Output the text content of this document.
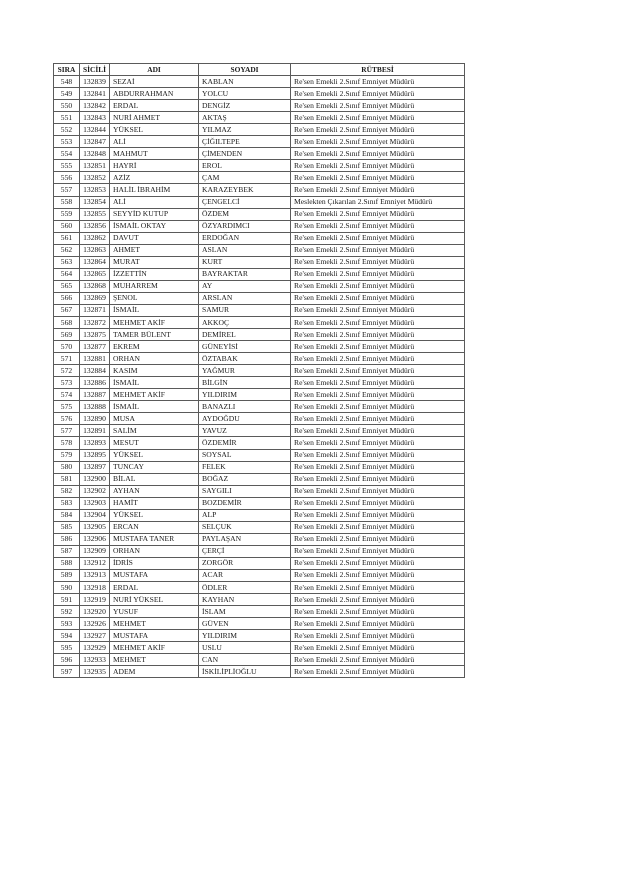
SIRA	SİCİLİ	ADI	SOYADI	RÜTBESİ
548	132839	SEZAİ	KABLAN	Re'sen Emekli 2.Sınıf Emniyet Müdürü
549	132841	ABDURRAHMAN	YOLCU	Re'sen Emekli 2.Sınıf Emniyet Müdürü
550	132842	ERDAL	DENGİZ	Re'sen Emekli 2.Sınıf Emniyet Müdürü
551	132843	NURİ AHMET	AKTAŞ	Re'sen Emekli 2.Sınıf Emniyet Müdürü
552	132844	YÜKSEL	YILMAZ	Re'sen Emekli 2.Sınıf Emniyet Müdürü
553	132847	ALİ	ÇİĞILTEPE	Re'sen Emekli 2.Sınıf Emniyet Müdürü
554	132848	MAHMUT	ÇİMENDEN	Re'sen Emekli 2.Sınıf Emniyet Müdürü
555	132851	HAYRİ	EROL	Re'sen Emekli 2.Sınıf Emniyet Müdürü
556	132852	AZİZ	ÇAM	Re'sen Emekli 2.Sınıf Emniyet Müdürü
557	132853	HALİL İBRAHİM	KARAZEYBEK	Re'sen Emekli 2.Sınıf Emniyet Müdürü
558	132854	ALİ	ÇENGELCİ	Meslekten Çıkarılan 2.Sınıf Emniyet Müdürü
559	132855	SEYYİD KUTUP	ÖZDEM	Re'sen Emekli 2.Sınıf Emniyet Müdürü
560	132856	İSMAİL OKTAY	ÖZYARDIMCI	Re'sen Emekli 2.Sınıf Emniyet Müdürü
561	132862	DAVUT	ERDOĞAN	Re'sen Emekli 2.Sınıf Emniyet Müdürü
562	132863	AHMET	ASLAN	Re'sen Emekli 2.Sınıf Emniyet Müdürü
563	132864	MURAT	KURT	Re'sen Emekli 2.Sınıf Emniyet Müdürü
564	132865	İZZETTİN	BAYRAKTAR	Re'sen Emekli 2.Sınıf Emniyet Müdürü
565	132868	MUHARREM	AY	Re'sen Emekli 2.Sınıf Emniyet Müdürü
566	132869	ŞENOL	ARSLAN	Re'sen Emekli 2.Sınıf Emniyet Müdürü
567	132871	İSMAİL	SAMUR	Re'sen Emekli 2.Sınıf Emniyet Müdürü
568	132872	MEHMET AKİF	AKKOÇ	Re'sen Emekli 2.Sınıf Emniyet Müdürü
569	132875	TAMER BÜLENT	DEMİREL	Re'sen Emekli 2.Sınıf Emniyet Müdürü
570	132877	EKREM	GÜNEYİSİ	Re'sen Emekli 2.Sınıf Emniyet Müdürü
571	132881	ORHAN	ÖZTABAK	Re'sen Emekli 2.Sınıf Emniyet Müdürü
572	132884	KASIM	YAĞMUR	Re'sen Emekli 2.Sınıf Emniyet Müdürü
573	132886	İSMAİL	BİLGİN	Re'sen Emekli 2.Sınıf Emniyet Müdürü
574	132887	MEHMET AKİF	YILDIRIM	Re'sen Emekli 2.Sınıf Emniyet Müdürü
575	132888	İSMAİL	BANAZLI	Re'sen Emekli 2.Sınıf Emniyet Müdürü
576	132890	MUSA	AYDOĞDU	Re'sen Emekli 2.Sınıf Emniyet Müdürü
577	132891	SALİM	YAVUZ	Re'sen Emekli 2.Sınıf Emniyet Müdürü
578	132893	MESUT	ÖZDEMİR	Re'sen Emekli 2.Sınıf Emniyet Müdürü
579	132895	YÜKSEL	SOYSAL	Re'sen Emekli 2.Sınıf Emniyet Müdürü
580	132897	TUNCAY	FELEK	Re'sen Emekli 2.Sınıf Emniyet Müdürü
581	132900	BİLAL	BOĞAZ	Re'sen Emekli 2.Sınıf Emniyet Müdürü
582	132902	AYHAN	SAYGILI	Re'sen Emekli 2.Sınıf Emniyet Müdürü
583	132903	HAMİT	BOZDEMİR	Re'sen Emekli 2.Sınıf Emniyet Müdürü
584	132904	YÜKSEL	ALP	Re'sen Emekli 2.Sınıf Emniyet Müdürü
585	132905	ERCAN	SELÇUK	Re'sen Emekli 2.Sınıf Emniyet Müdürü
586	132906	MUSTAFA TANER	PAYLAŞAN	Re'sen Emekli 2.Sınıf Emniyet Müdürü
587	132909	ORHAN	ÇERÇİ	Re'sen Emekli 2.Sınıf Emniyet Müdürü
588	132912	İDRİS	ZORGÖR	Re'sen Emekli 2.Sınıf Emniyet Müdürü
589	132913	MUSTAFA	ACAR	Re'sen Emekli 2.Sınıf Emniyet Müdürü
590	132918	ERDAL	ÖDLER	Re'sen Emekli 2.Sınıf Emniyet Müdürü
591	132919	NURİ YÜKSEL	KAYHAN	Re'sen Emekli 2.Sınıf Emniyet Müdürü
592	132920	YUSUF	İSLAM	Re'sen Emekli 2.Sınıf Emniyet Müdürü
593	132926	MEHMET	GÜVEN	Re'sen Emekli 2.Sınıf Emniyet Müdürü
594	132927	MUSTAFA	YILDIRIM	Re'sen Emekli 2.Sınıf Emniyet Müdürü
595	132929	MEHMET AKİF	USLU	Re'sen Emekli 2.Sınıf Emniyet Müdürü
596	132933	MEHMET	CAN	Re'sen Emekli 2.Sınıf Emniyet Müdürü
597	132935	ADEM	İSKİLİPLİOĞLU	Re'sen Emekli 2.Sınıf Emniyet Müdürü
